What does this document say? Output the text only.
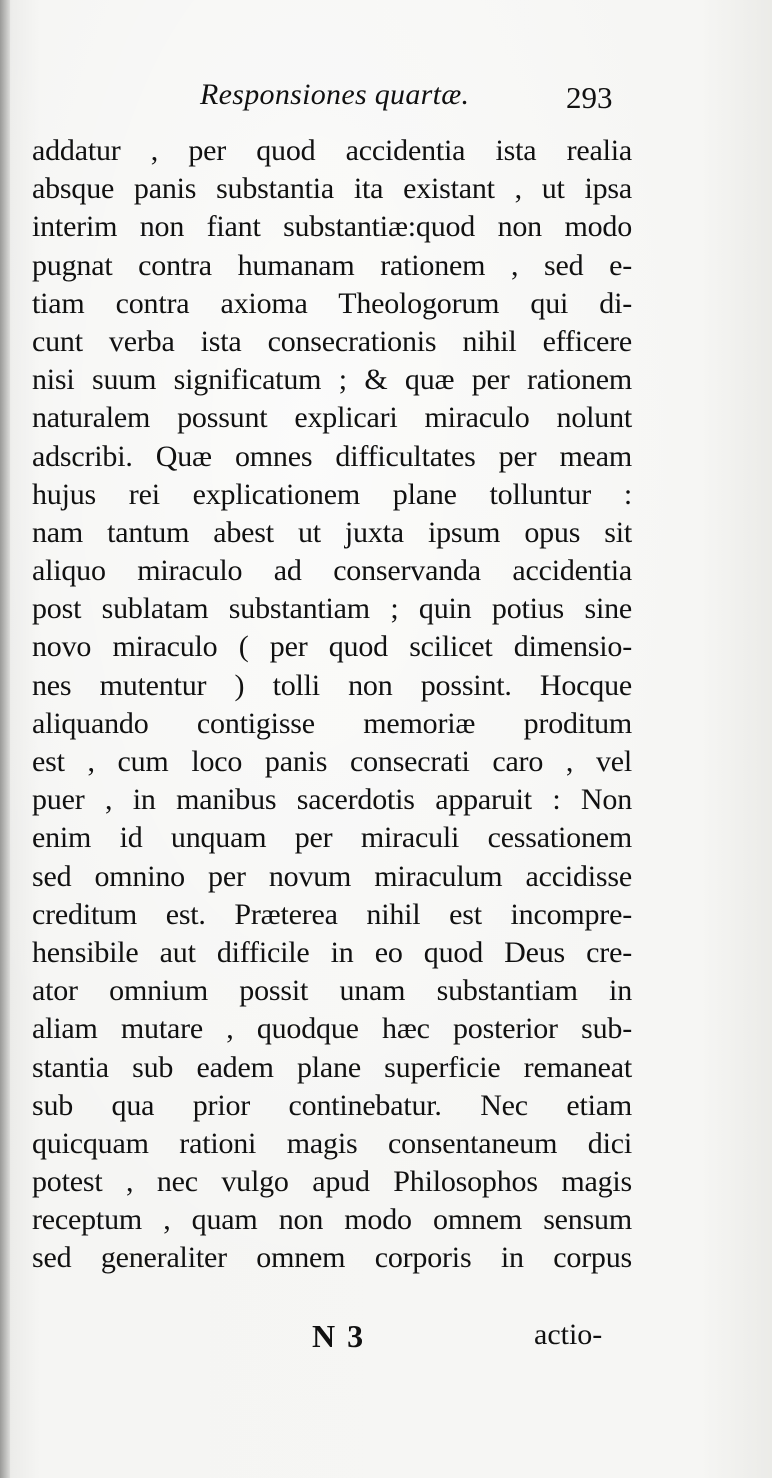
Responsiones quartæ.	293
addatur , per quod accidentia ista realia
absque panis substantia ita existant , ut ipsa
interim non fiant substantiæ:quod non modo
pugnat contra humanam rationem , sed e-
tiam contra axioma Theologorum qui di-
cunt verba ista consecrationis nihil efficere
nisi suum significatum ; & quæ per rationem
naturalem possunt explicari miraculo nolunt
adscribi. Quæ omnes difficultates per meam
hujus rei explicationem plane tolluntur :
nam tantum abest ut juxta ipsum opus sit
aliquo miraculo ad conservanda accidentia
post sublatam substantiam ; quin potius sine
novo miraculo ( per quod scilicet dimensio-
nes mutentur ) tolli non possint. Hocque
aliquando contigisse memoriæ proditum
est , cum loco panis consecrati caro , vel
puer , in manibus sacerdotis apparuit : Non
enim id unquam per miraculi cessationem
sed omnino per novum miraculum accidisse
creditum est. Præterea nihil est incompre-
hensibile aut difficile in eo quod Deus cre-
ator omnium possit unam substantiam in
aliam mutare , quodque hæc posterior sub-
stantia sub eadem plane superficie remaneat
sub qua prior continebatur. Nec etiam
quicquam rationi magis consentaneum dici
potest , nec vulgo apud Philosophos magis
receptum , quam non modo omnem sensum
sed generaliter omnem corporis in corpus
N 3	actio-
